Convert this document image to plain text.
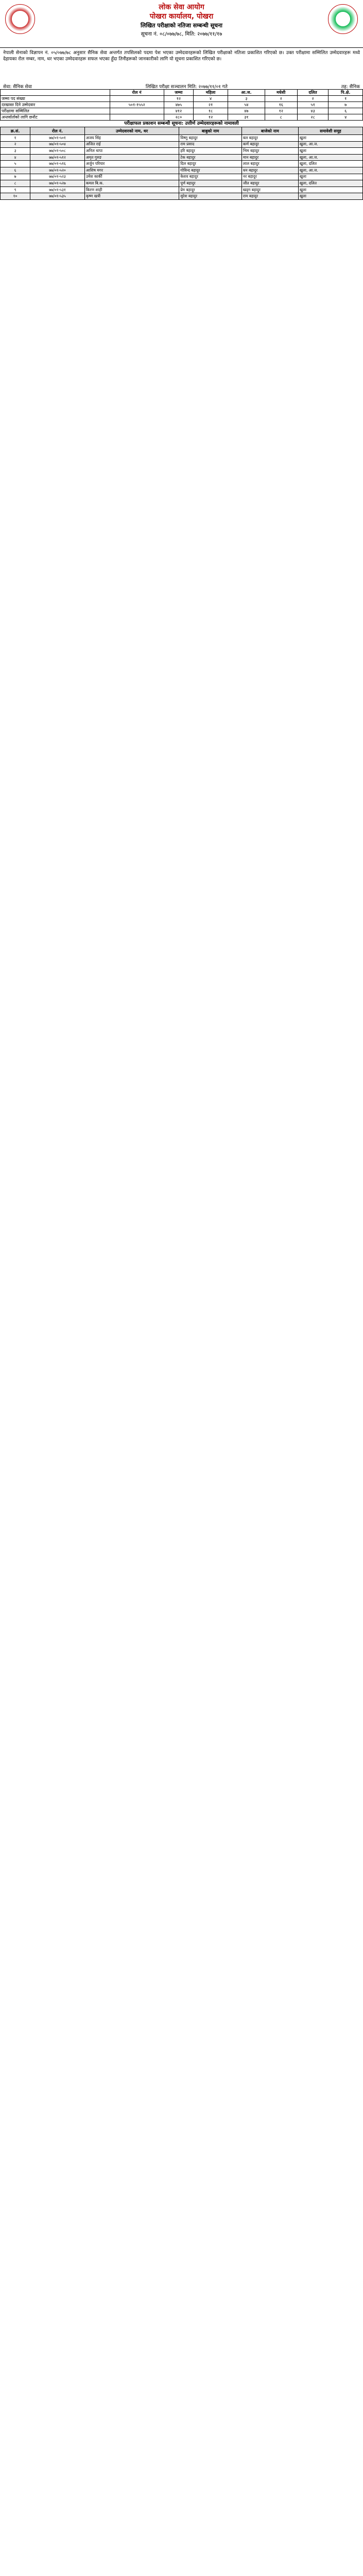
लोक सेवा आयोग
पोखरा कार्यालय, पोखरा
लिखित परीक्षाको नतिजा सम्बन्धी सूचना
सूचना नं. ०८/०७७/७८, मिति: २०७७/११/१७
नेपाली सेनाको विज्ञापन नं. ०५/०७७/७८ अनुसार सैनिक सेवा अन्तर्गत तपसिलको पदमा पेश भएका उम्मेदवारहरूको लिखित परीक्षाको नतिजा प्रकाशित गरिएको छ। उक्त परीक्षामा सम्मिलित उम्मेदवारहरू मध्ये देहायका रोल नम्बर, नाम, थर भएका उम्मेदवारहरू सफल भएका हुँदा तिनीहरूको जानकारीको लागि यो सूचना प्रकाशित गरिएको छ।
सेवा: सैनिक सेवा	लिखित परीक्षा सञ्चालन मिति: २०७७/११/०१ गते	तह: सैनिक
	रोल नं	जम्मा	महिला	आ.ज.	मधेशी	दलित	पि.क्षे.
जम्मा पद संख्या		१२	४	३	२	२	१
दरखास्त दिने उम्मेदवार	५०१-१५५२	४७५	२१	५४	१६	५१	७
परीक्षामा सम्मिलित		४१२	१८	४७	१२	४३	६
अन्तर्वार्ताको लागि छनौट		२८०	१२	३१	८	२८	४
परीक्षाफल प्रकाशन सम्बन्धी सूचना: उत्तीर्ण उम्मेदवारहरूको नामावली
क्र.सं.	रोल नं.	उम्मेदवारको नाम, थर	बाबुको नाम	बाजेको नाम	समावेशी समूह
१	७७/०१-५०१	अजय सिंह	विष्णु बहादुर	बल बहादुर	खुला
२	७७/०१-५०४	अजित राई	राम प्रसाद	कर्ण बहादुर	खुला, आ.ज.
३	७७/०१-५०८	अनिल थापा	हरि बहादुर	भिम बहादुर	खुला
४	७७/०१-५१२	अमृत गुरुङ	टेक बहादुर	मान बहादुर	खुला, आ.ज.
५	७७/०१-५१६	अर्जुन परियार	दिल बहादुर	लाल बहादुर	खुला, दलित
६	७७/०१-५२०	आशिष मगर	गोविन्द बहादुर	धन बहादुर	खुला, आ.ज.
७	७७/०१-५२३	उमेश कार्की	केशव बहादुर	नर बहादुर	खुला
८	७७/०१-५२७	कमल बि.क.	पूर्ण बहादुर	जीत बहादुर	खुला, दलित
९	७७/०१-५३१	किरण शाही	प्रेम बहादुर	खड्ग बहादुर	खुला
१०	७७/०१-५३५	कृष्ण खत्री	सुरेश बहादुर	राम बहादुर	खुला
